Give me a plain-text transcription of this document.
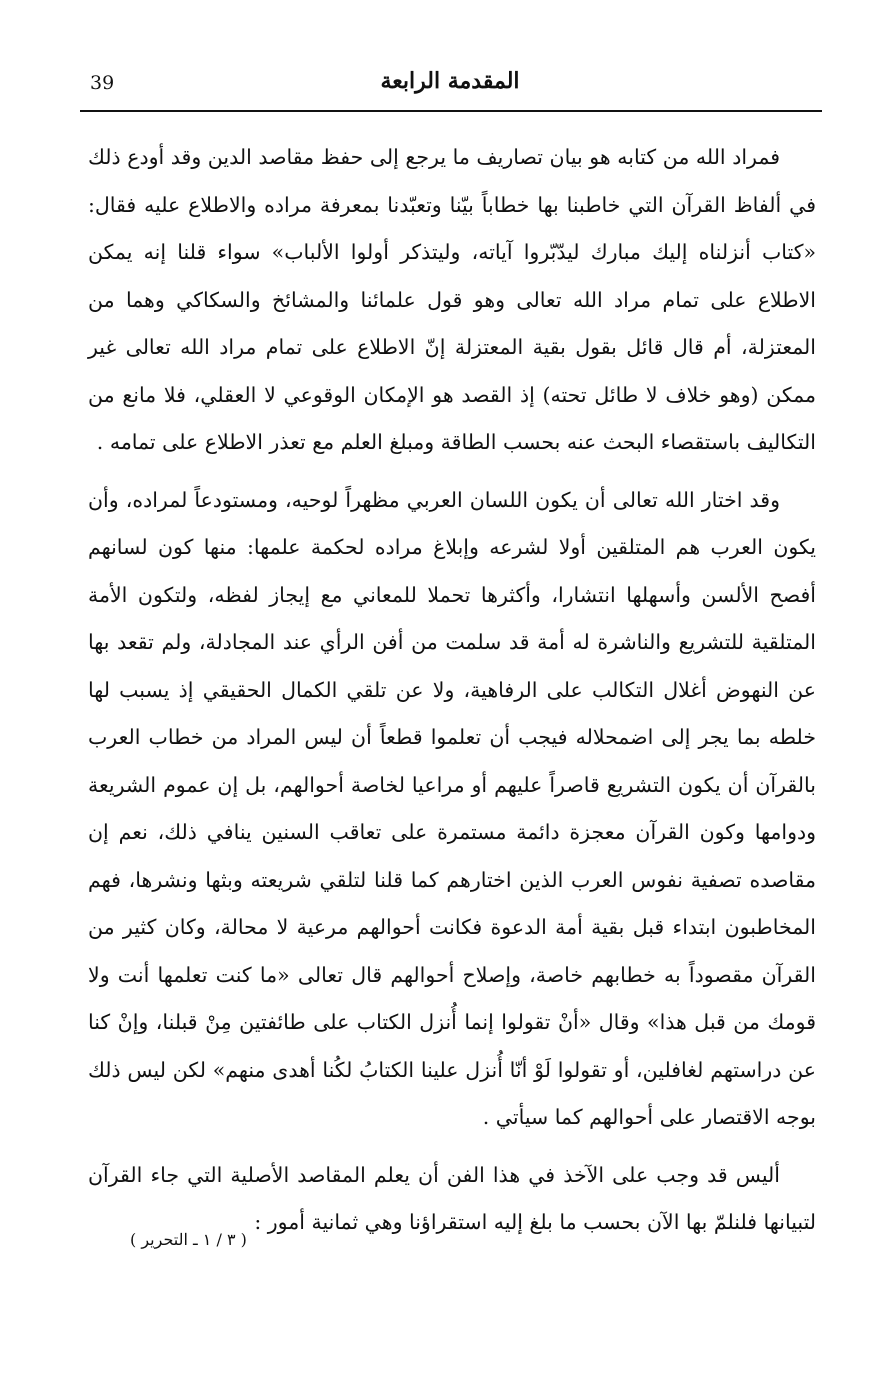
39	المقدمة الرابعة

فمراد الله من كتابه هو بيان تصاريف ما يرجع إلى حفظ مقاصد الدين وقد أودع ذلك في ألفاظ القرآن التي خاطبنا بها خطاباً بيّنا وتعبّدنا بمعرفة مراده والاطلاع عليه فقال: «كتاب أنزلناه إليك مبارك ليدّبّروا آياته، وليتذكر أولوا الألباب» سواء قلنا إنه يمكن الاطلاع على تمام مراد الله تعالى وهو قول علمائنا والمشائخ والسكاكي وهما من المعتزلة، أم قال قائل بقول بقية المعتزلة إنّ الاطلاع على تمام مراد الله تعالى غير ممكن (وهو خلاف لا طائل تحته) إذ القصد هو الإمكان الوقوعي لا العقلي، فلا مانع من التكاليف باستقصاء البحث عنه بحسب الطاقة ومبلغ العلم مع تعذر الاطلاع على تمامه .

وقد اختار الله تعالى أن يكون اللسان العربي مظهراً لوحيه، ومستودعاً لمراده، وأن يكون العرب هم المتلقين أولا لشرعه وإبلاغ مراده لحكمة علمها: منها كون لسانهم أفصح الألسن وأسهلها انتشارا، وأكثرها تحملا للمعاني مع إيجاز لفظه، ولتكون الأمة المتلقية للتشريع والناشرة له أمة قد سلمت من أفن الرأي عند المجادلة، ولم تقعد بها عن النهوض أغلال التكالب على الرفاهية، ولا عن تلقي الكمال الحقيقي إذ يسبب لها خلطه بما يجر إلى اضمحلاله فيجب أن تعلموا قطعاً أن ليس المراد من خطاب العرب بالقرآن أن يكون التشريع قاصراً عليهم أو مراعيا لخاصة أحوالهم، بل إن عموم الشريعة ودوامها وكون القرآن معجزة دائمة مستمرة على تعاقب السنين ينافي ذلك، نعم إن مقاصده تصفية نفوس العرب الذين اختارهم كما قلنا لتلقي شريعته وبثها ونشرها، فهم المخاطبون ابتداء قبل بقية أمة الدعوة فكانت أحوالهم مرعية لا محالة، وكان كثير من القرآن مقصوداً به خطابهم خاصة، وإصلاح أحوالهم قال تعالى «ما كنت تعلمها أنت ولا قومك من قبل هذا» وقال «أنْ تقولوا إنما أُنزل الكتاب على طائفتين مِنْ قبلنا، وإنْ كنا عن دراستهم لغافلين، أو تقولوا لَوْ أنّا أُنزل علينا الكتابُ لكُنا أهدى منهم» لكن ليس ذلك بوجه الاقتصار على أحوالهم كما سيأتي .

أليس قد وجب على الآخذ في هذا الفن أن يعلم المقاصد الأصلية التي جاء القرآن لتبيانها فلنلمّ بها الآن بحسب ما بلغ إليه استقراؤنا وهي ثمانية أمور :

( ٣ / ١ ـ التحرير )
